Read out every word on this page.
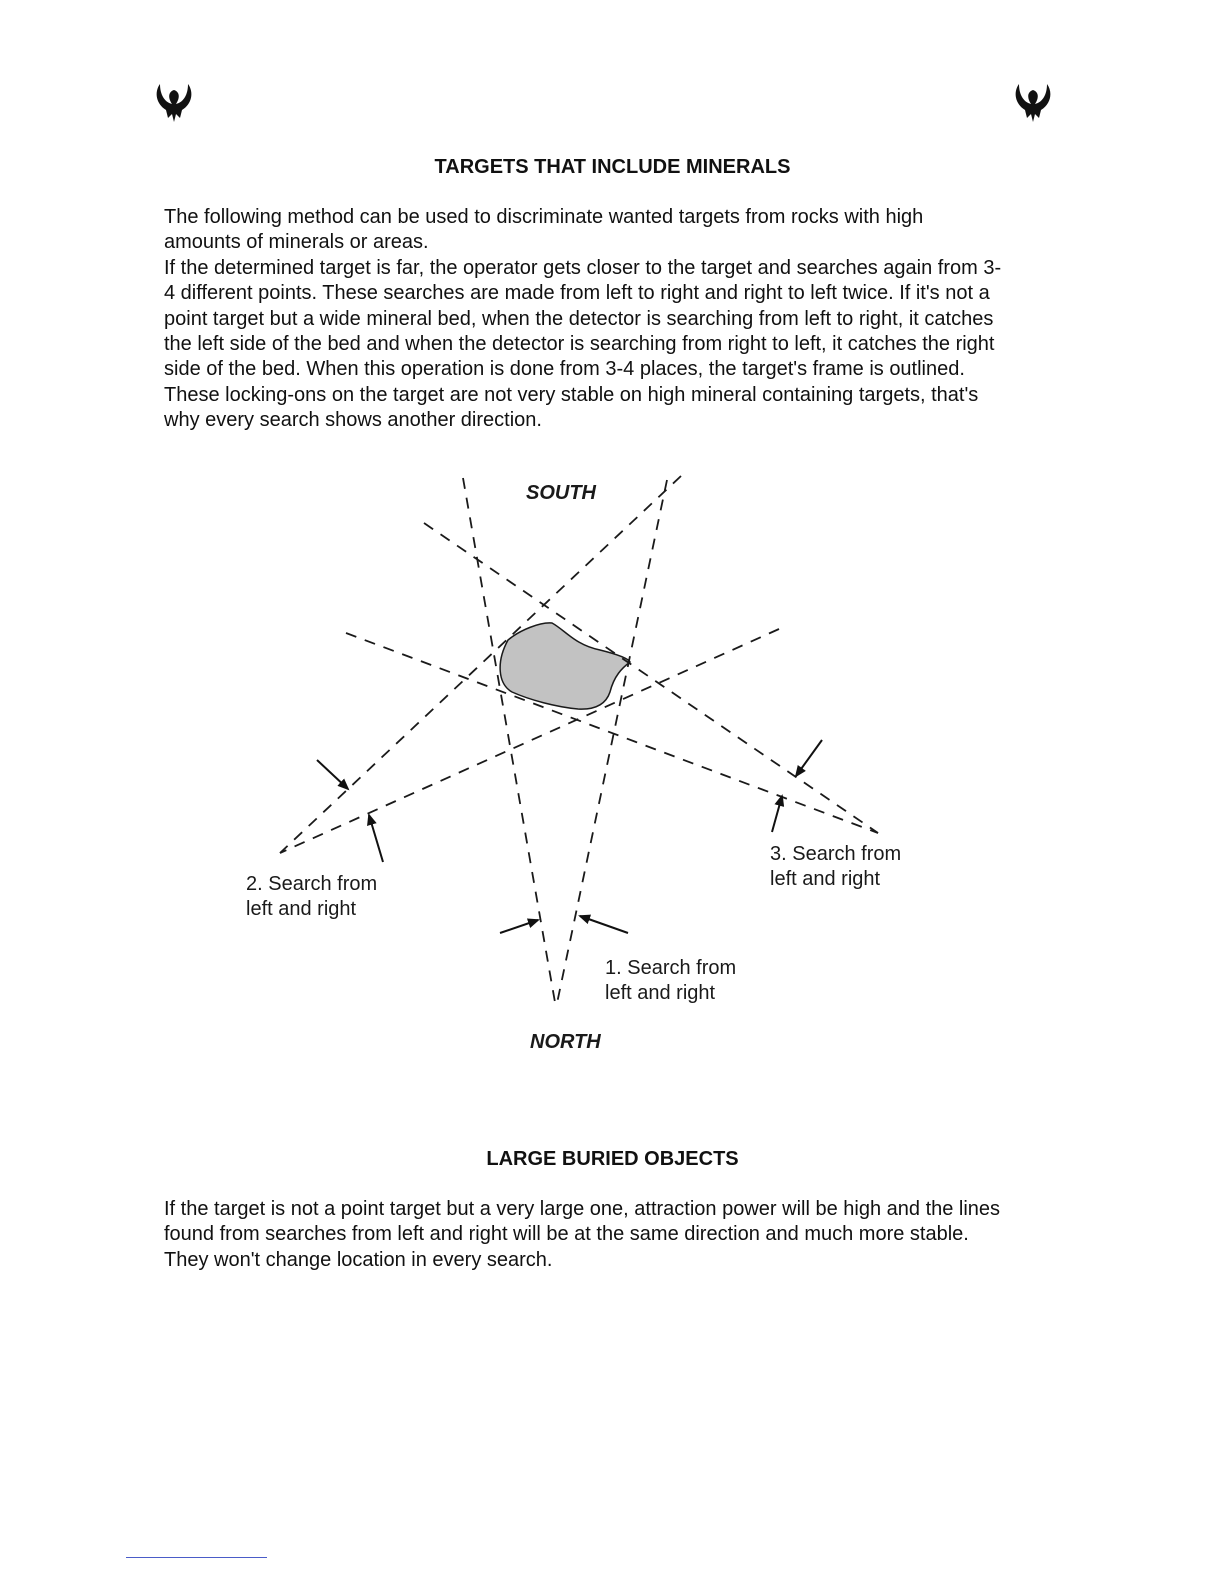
TARGETS THAT INCLUDE MINERALS
The following method can be used to discriminate wanted targets from rocks with high
amounts of minerals or areas.
If the determined target is far, the operator gets closer to the target and searches again from 3-
4 different points. These searches are made from left to right and right to left twice. If it's not a
point target but a wide mineral bed, when the detector is searching from left to right, it catches
the left side of the bed and when the detector is searching from right to left, it catches the right
side of the bed. When this operation is done from 3-4 places, the target's frame is outlined.
These locking-ons on the target are not very stable on high mineral containing targets, that's
why every search shows another direction.
SOUTH
NORTH
2. Search from
left and right
3. Search from
left and right
1. Search from
left and right
LARGE BURIED OBJECTS
If the target is not a point target but a very large one, attraction power will be high and the lines
found from searches from left and right will be at the same direction and much more stable.
They won't change location in every search.
